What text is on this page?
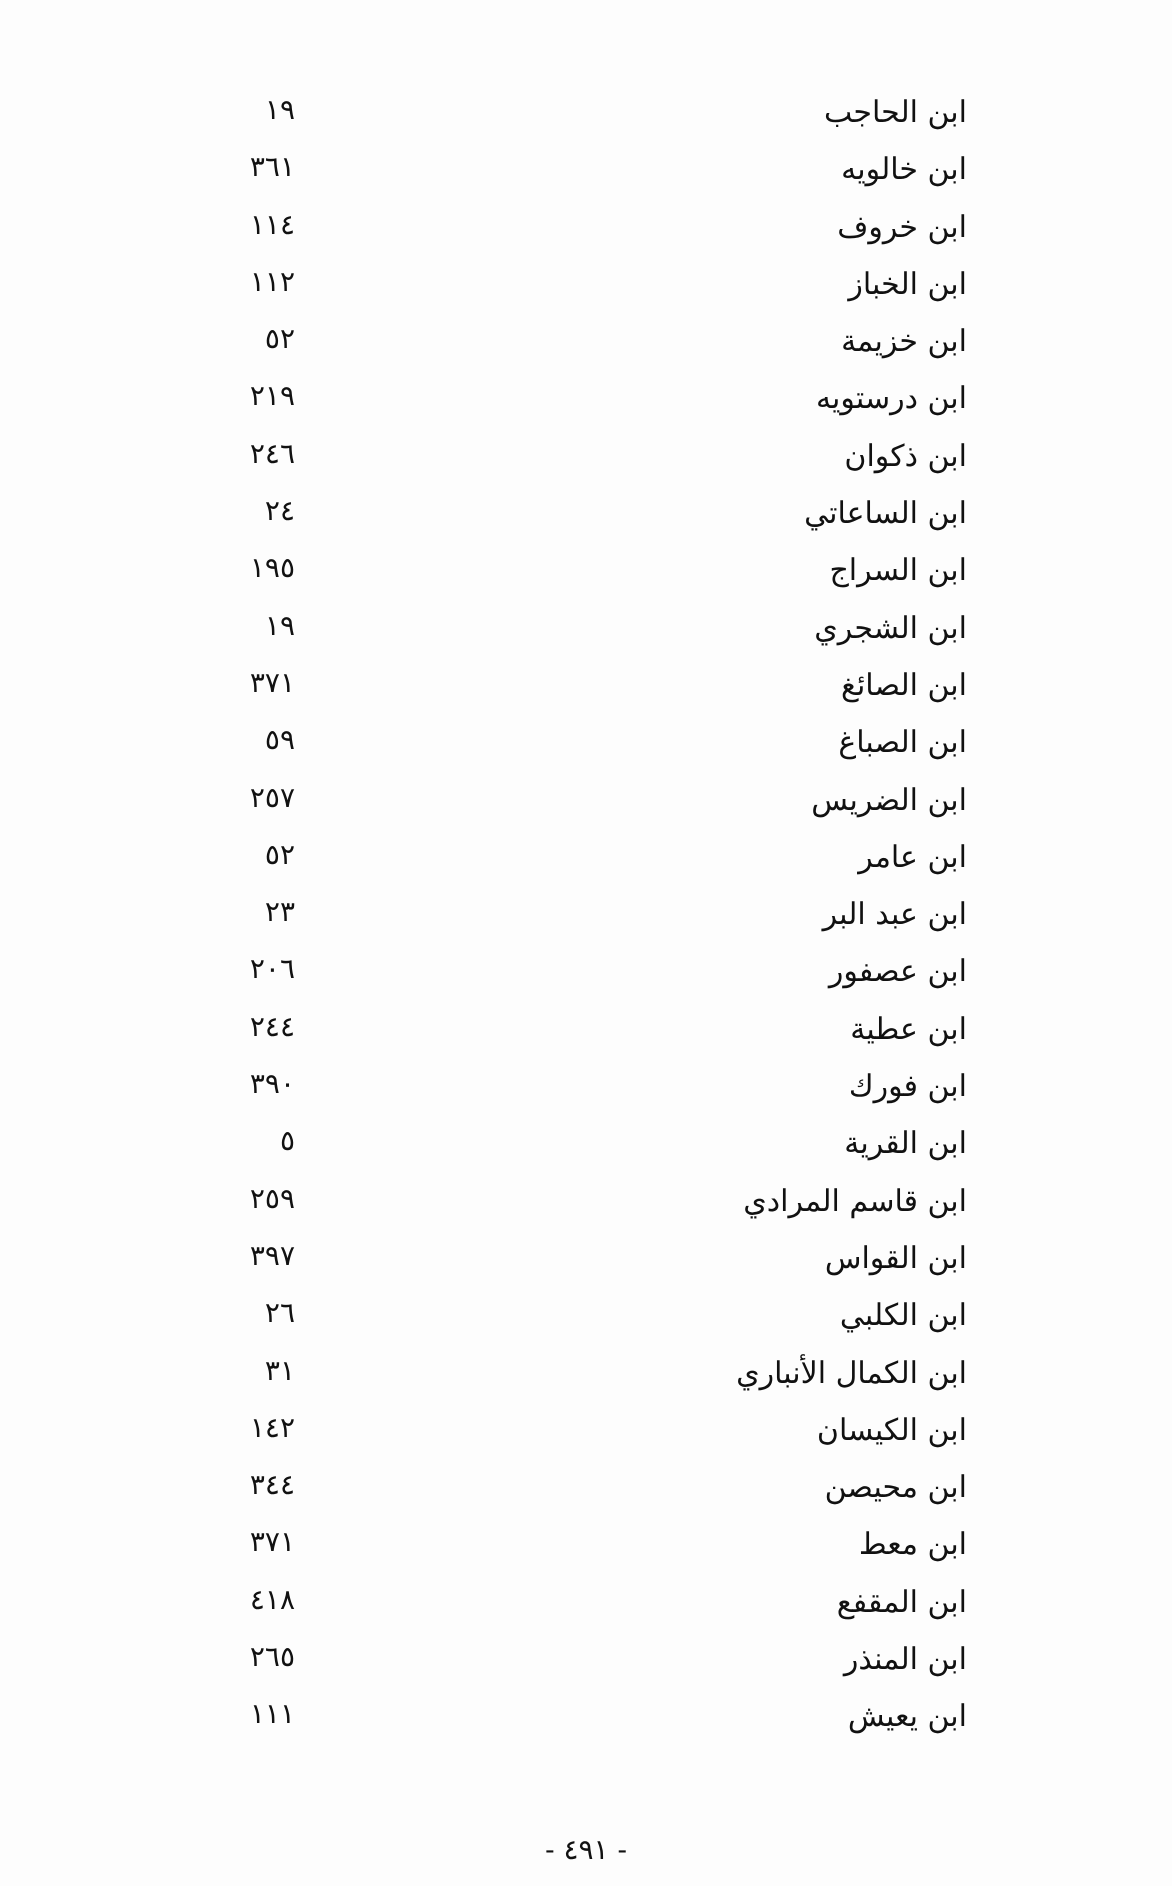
ابن الحاجب
١٩
ابن خالويه
٣٦١
ابن خروف
١١٤
ابن الخباز
١١٢
ابن خزيمة
٥٢
ابن درستويه
٢١٩
ابن ذكوان
٢٤٦
ابن الساعاتي
٢٤
ابن السراج
١٩٥
ابن الشجري
١٩
ابن الصائغ
٣٧١
ابن الصباغ
٥٩
ابن الضريس
٢٥٧
ابن عامر
٥٢
ابن عبد البر
٢٣
ابن عصفور
٢٠٦
ابن عطية
٢٤٤
ابن فورك
٣٩٠
ابن القرية
٥
ابن قاسم المرادي
٢٥٩
ابن القواس
٣٩٧
ابن الكلبي
٢٦
ابن الكمال الأنباري
٣١
ابن الكيسان
١٤٢
ابن محيصن
٣٤٤
ابن معط
٣٧١
ابن المقفع
٤١٨
ابن المنذر
٢٦٥
ابن يعيش
١١١
- ٤٩١ -
